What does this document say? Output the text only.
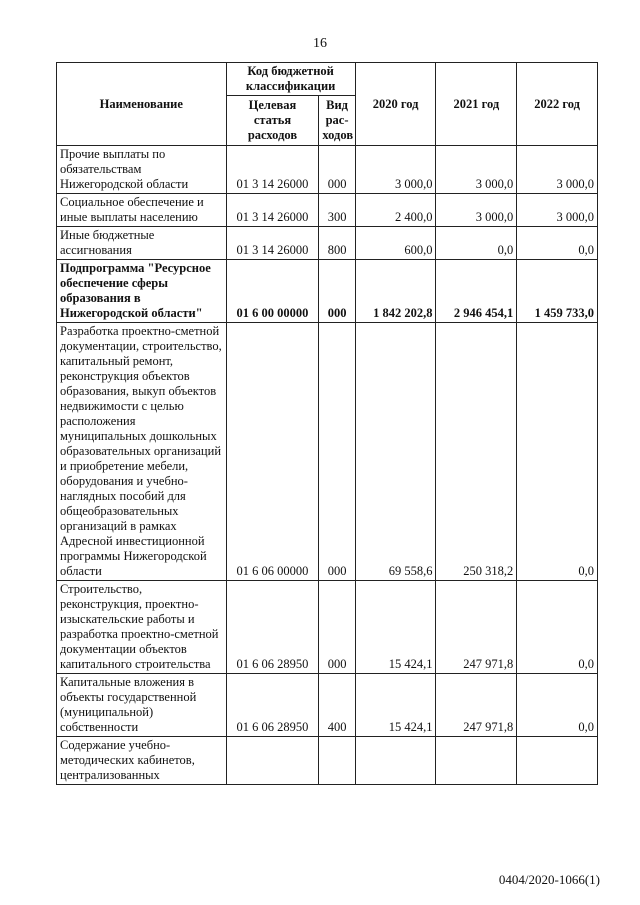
16
Наименование	Код бюджетной классификации		2020 год	2021 год	2022 год
	Целевая статья расходов	Вид рас-ходов			
Прочие выплаты по обязательствам Нижегородской области	01 3 14 26000	000	3 000,0	3 000,0	3 000,0
Социальное обеспечение и иные выплаты населению	01 3 14 26000	300	2 400,0	3 000,0	3 000,0
Иные бюджетные ассигнования	01 3 14 26000	800	600,0	0,0	0,0
Подпрограмма "Ресурсное обеспечение сферы образования в Нижегородской области"	01 6 00 00000	000	1 842 202,8	2 946 454,1	1 459 733,0
Разработка проектно-сметной документации, строительство, капитальный ремонт, реконструкция объектов образования, выкуп объектов недвижимости с целью расположения муниципальных дошкольных образовательных организаций и приобретение мебели, оборудования и учебно-наглядных пособий для общеобразовательных организаций в рамках Адресной инвестиционной программы Нижегородской области	01 6 06 00000	000	69 558,6	250 318,2	0,0
Строительство, реконструкция, проектно-изыскательские работы и разработка проектно-сметной документации объектов капитального строительства	01 6 06 28950	000	15 424,1	247 971,8	0,0
Капитальные вложения в объекты государственной (муниципальной) собственности	01 6 06 28950	400	15 424,1	247 971,8	0,0
Содержание учебно-методических кабинетов, централизованных					
0404/2020-1066(1)
